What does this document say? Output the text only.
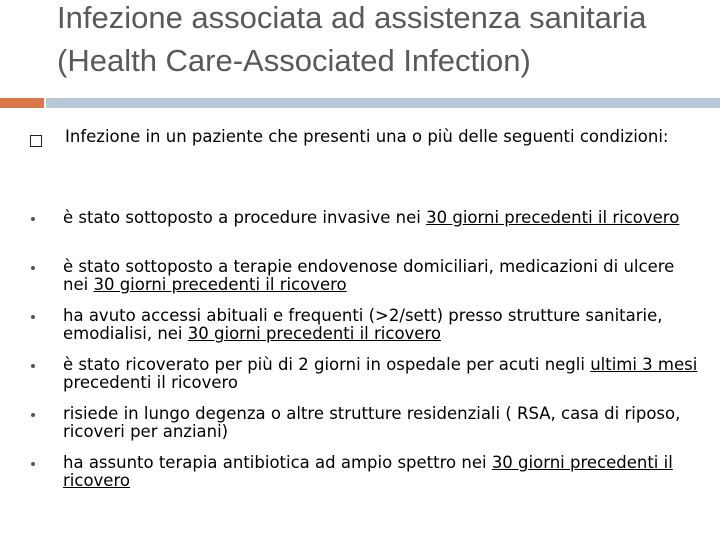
Infezione associata ad assistenza sanitaria (Health Care-Associated Infection)
Infezione in un paziente che presenti una o più delle seguenti condizioni:
è stato sottoposto a procedure invasive nei 30 giorni precedenti il ricovero
è stato sottoposto a terapie endovenose domiciliari, medicazioni di ulcere nei 30 giorni precedenti il ricovero
ha avuto accessi abituali e frequenti (>2/sett) presso strutture sanitarie, emodialisi, nei 30 giorni precedenti il ricovero
è stato ricoverato per più di 2 giorni in ospedale per acuti negli ultimi 3 mesi precedenti il ricovero
risiede in lungo degenza o altre strutture residenziali ( RSA, casa di riposo, ricoveri per anziani)
ha assunto terapia antibiotica ad ampio spettro nei 30 giorni precedenti il ricovero
